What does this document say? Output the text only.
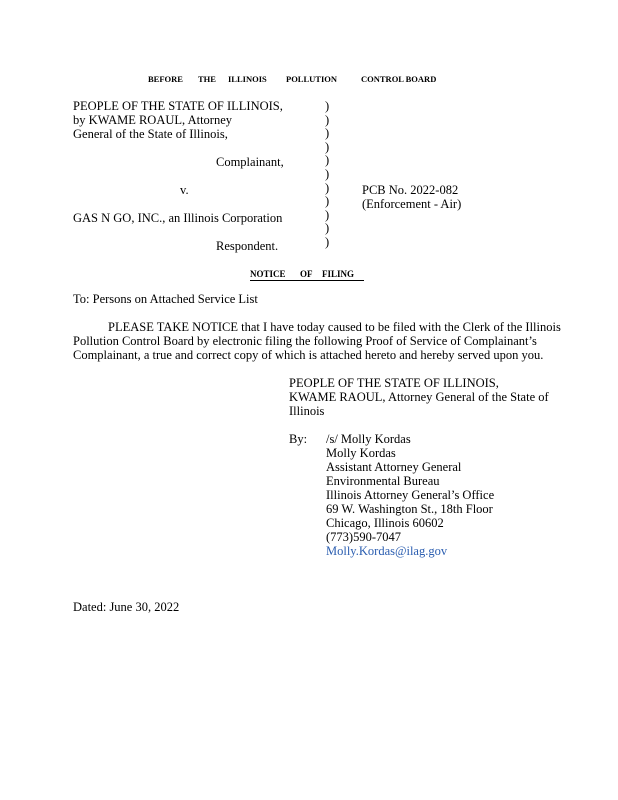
BEFORE THE ILLINOIS POLLUTION	CONTROL BOARD
PEOPLE OF THE STATE OF ILLINOIS,
by KWAME ROAUL, Attorney
General of the State of Illinois,
Complainant,
v.
GAS N GO, INC., an Illinois Corporation
Respondent.
)
)
)
)
)
)
)
)
)
)
)
PCB No. 2022-082
(Enforcement - Air)
NOTICE OF FILING
To: Persons on Attached Service List
PLEASE TAKE NOTICE that I have today caused to be filed with the Clerk of the Illinois
Pollution Control Board by electronic filing the following Proof of Service of Complainant’s
Complainant, a true and correct copy of which is attached hereto and hereby served upon you.
PEOPLE OF THE STATE OF ILLINOIS,
KWAME RAOUL, Attorney General of the State of
Illinois
By: /s/ Molly Kordas
Molly Kordas
Assistant Attorney General
Environmental Bureau
Illinois Attorney General’s Office
69 W. Washington St., 18th Floor
Chicago, Illinois 60602
(773)590-7047
Molly.Kordas@ilag.gov
Dated: June 30, 2022
